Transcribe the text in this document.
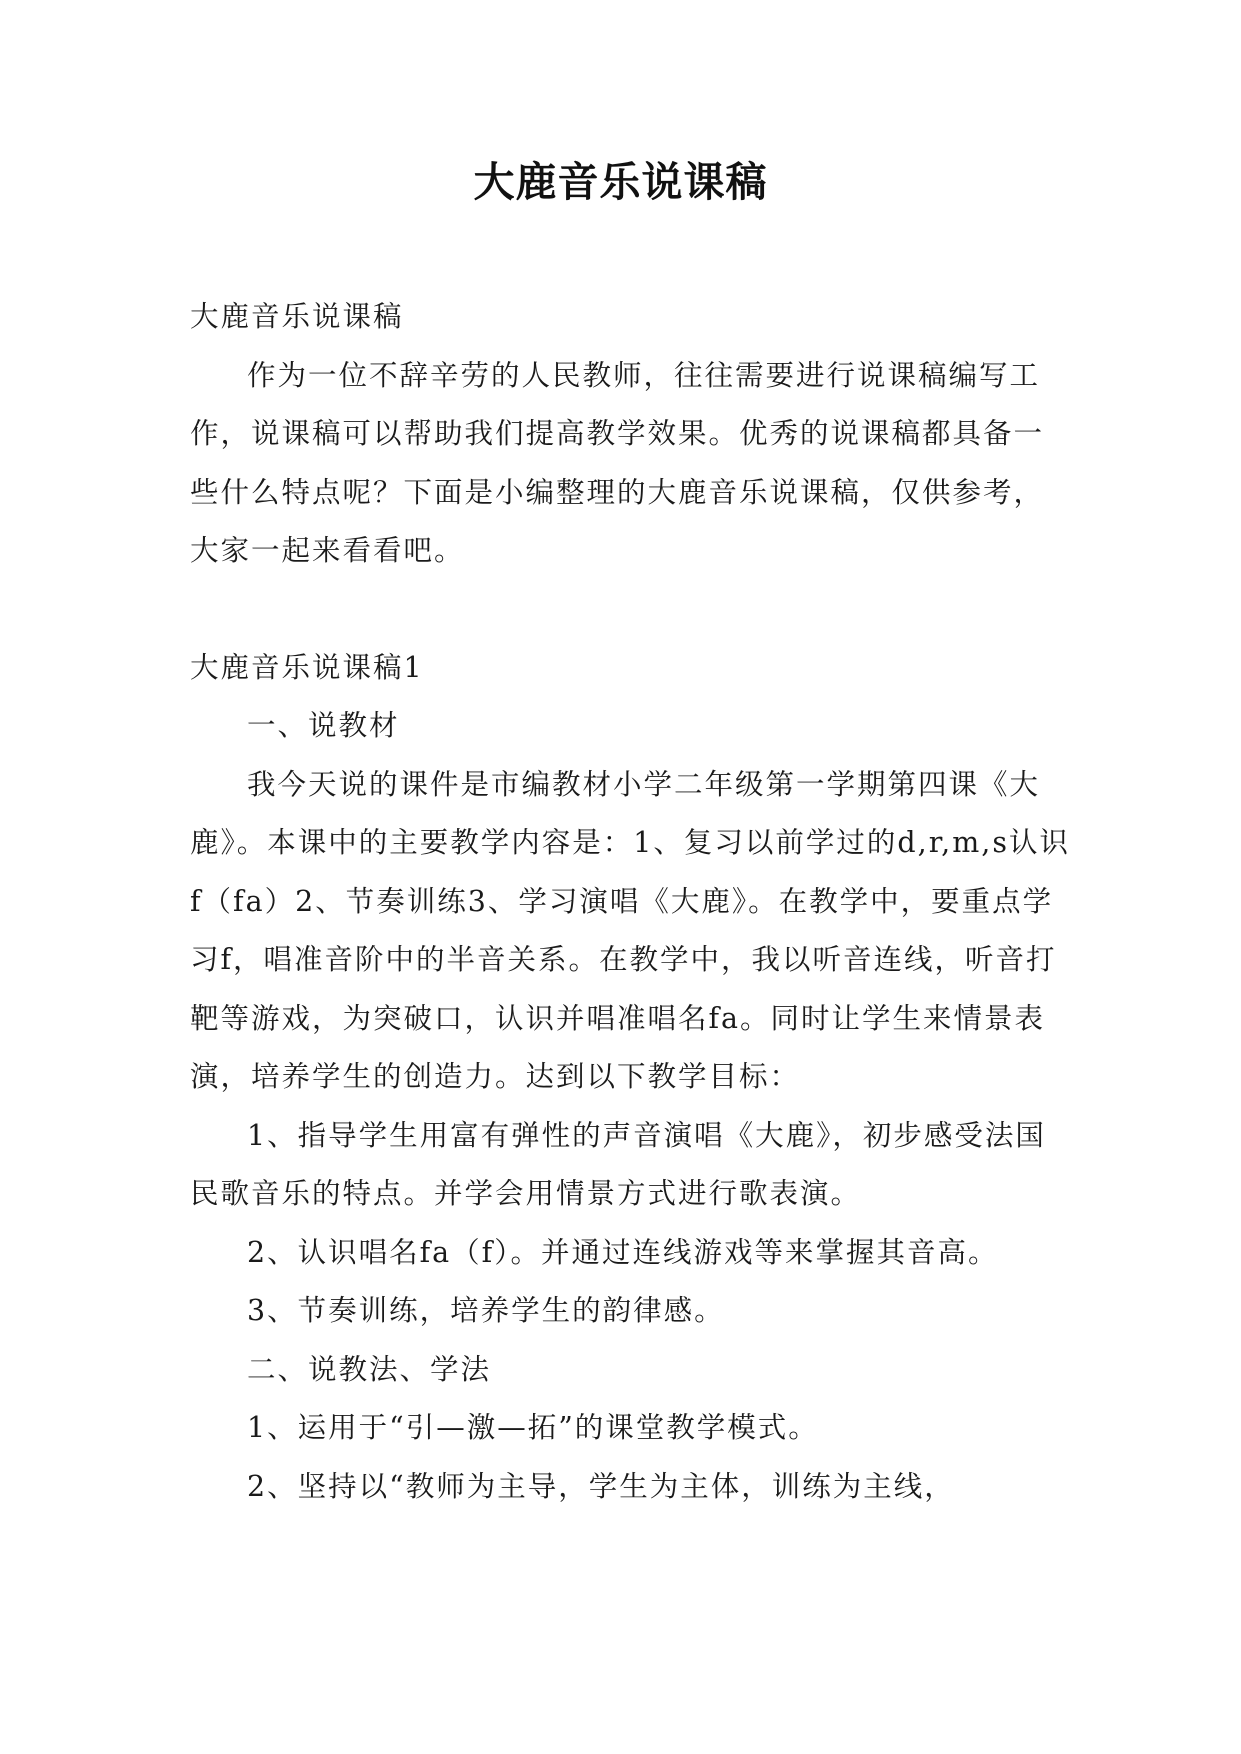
大鹿音乐说课稿

大鹿音乐说课稿

作为一位不辞辛劳的人民教师，往往需要进行说课稿编写工作，说课稿可以帮助我们提高教学效果。优秀的说课稿都具备一些什么特点呢？下面是小编整理的大鹿音乐说课稿，仅供参考，大家一起来看看吧。

大鹿音乐说课稿1

一、说教材

我今天说的课件是市编教材小学二年级第一学期第四课《大鹿》。本课中的主要教学内容是：1、复习以前学过的d,r,m,s认识f（fa）2、节奏训练3、学习演唱《大鹿》。在教学中，要重点学习f，唱准音阶中的半音关系。在教学中，我以听音连线，听音打靶等游戏，为突破口，认识并唱准唱名fa。同时让学生来情景表演，培养学生的创造力。达到以下教学目标：

1、指导学生用富有弹性的声音演唱《大鹿》，初步感受法国民歌音乐的特点。并学会用情景方式进行歌表演。

2、认识唱名fa（f）。并通过连线游戏等来掌握其音高。

3、节奏训练，培养学生的韵律感。

二、说教法、学法

1、运用于“引—激—拓”的课堂教学模式。

2、坚持以“教师为主导，学生为主体，训练为主线，
